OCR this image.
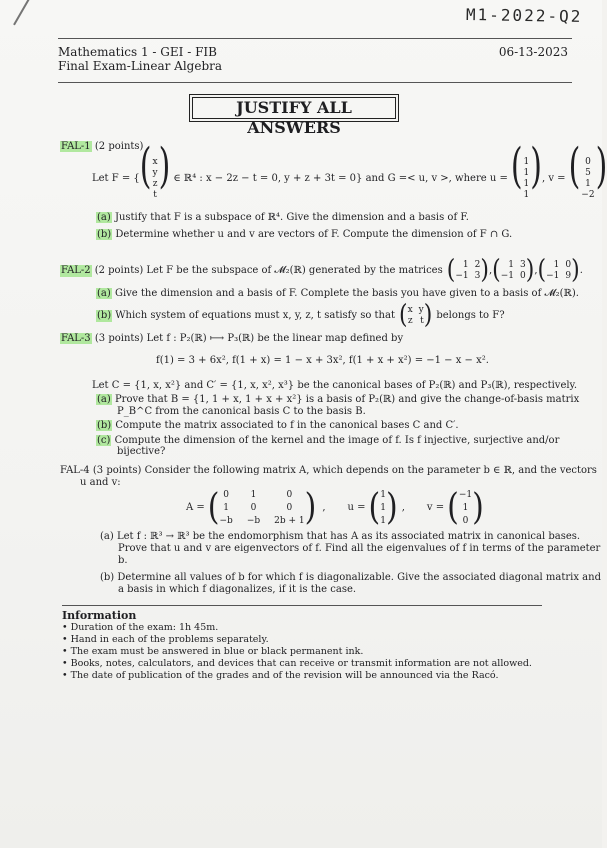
M1-2022-Q2
Mathematics 1 - GEI - FIB
Final Exam-Linear Algebra
06-13-2023
JUSTIFY ALL ANSWERS
FAL-1 (2 points)
Let F = { ( x
y
z
t ) ∈ ℝ⁴ : x − 2z − t = 0, y + z + 3t = 0} and G =< u, v >, where u = ( 1
1
1
1 ) , v = ( 0
5
1
−2 )
(a) Justify that F is a subspace of ℝ⁴. Give the dimension and a basis of F.
(b) Determine whether u and v are vectors of F. Compute the dimension of F ∩ G.
FAL-2 (2 points) Let F be the subspace of 𝓜₂(ℝ) generated by the matrices ( 1 2
−1 3 ) , ( 1 3
−1 0 ) , ( 1 0
−1 9 ) .
(a) Give the dimension and a basis of F. Complete the basis you have given to a basis of 𝓜₂(ℝ).
(b) Which system of equations must x, y, z, t satisfy so that ( x y
z t ) belongs to F?
FAL-3 (3 points) Let f : P₂(ℝ) ⟼ P₃(ℝ) be the linear map defined by
f(1) = 3 + 6x², f(1 + x) = 1 − x + 3x², f(1 + x + x²) = −1 − x − x².
Let C = {1, x, x²} and C′ = {1, x, x², x³} be the canonical bases of P₂(ℝ) and P₃(ℝ), respectively.
(a) Prove that B = {1, 1 + x, 1 + x + x²} is a basis of P₂(ℝ) and give the change-of-basis matrix
P_B^C from the canonical basis C to the basis B.
(b) Compute the matrix associated to f in the canonical bases C and C′.
(c) Compute the dimension of the kernel and the image of f. Is f injective, surjective and/or
bijective?
FAL-4 (3 points) Consider the following matrix A, which depends on the parameter b ∈ ℝ, and the vectors
u and v:
A = ( 0	1	0
1	0	0
−b −b 2b + 1 ) , u = ( 1
1
1 ) , v = ( −1
1
0 )
(a) Let f : ℝ³ → ℝ³ be the endomorphism that has A as its associated matrix in canonical bases.
Prove that u and v are eigenvectors of f. Find all the eigenvalues of f in terms of the parameter
b.
(b) Determine all values of b for which f is diagonalizable. Give the associated diagonal matrix and
a basis in which f diagonalizes, if it is the case.
Information
• Duration of the exam: 1h 45m.
• Hand in each of the problems separately.
• The exam must be answered in blue or black permanent ink.
• Books, notes, calculators, and devices that can receive or transmit information are not allowed.
• The date of publication of the grades and of the revision will be announced via the Racó.
